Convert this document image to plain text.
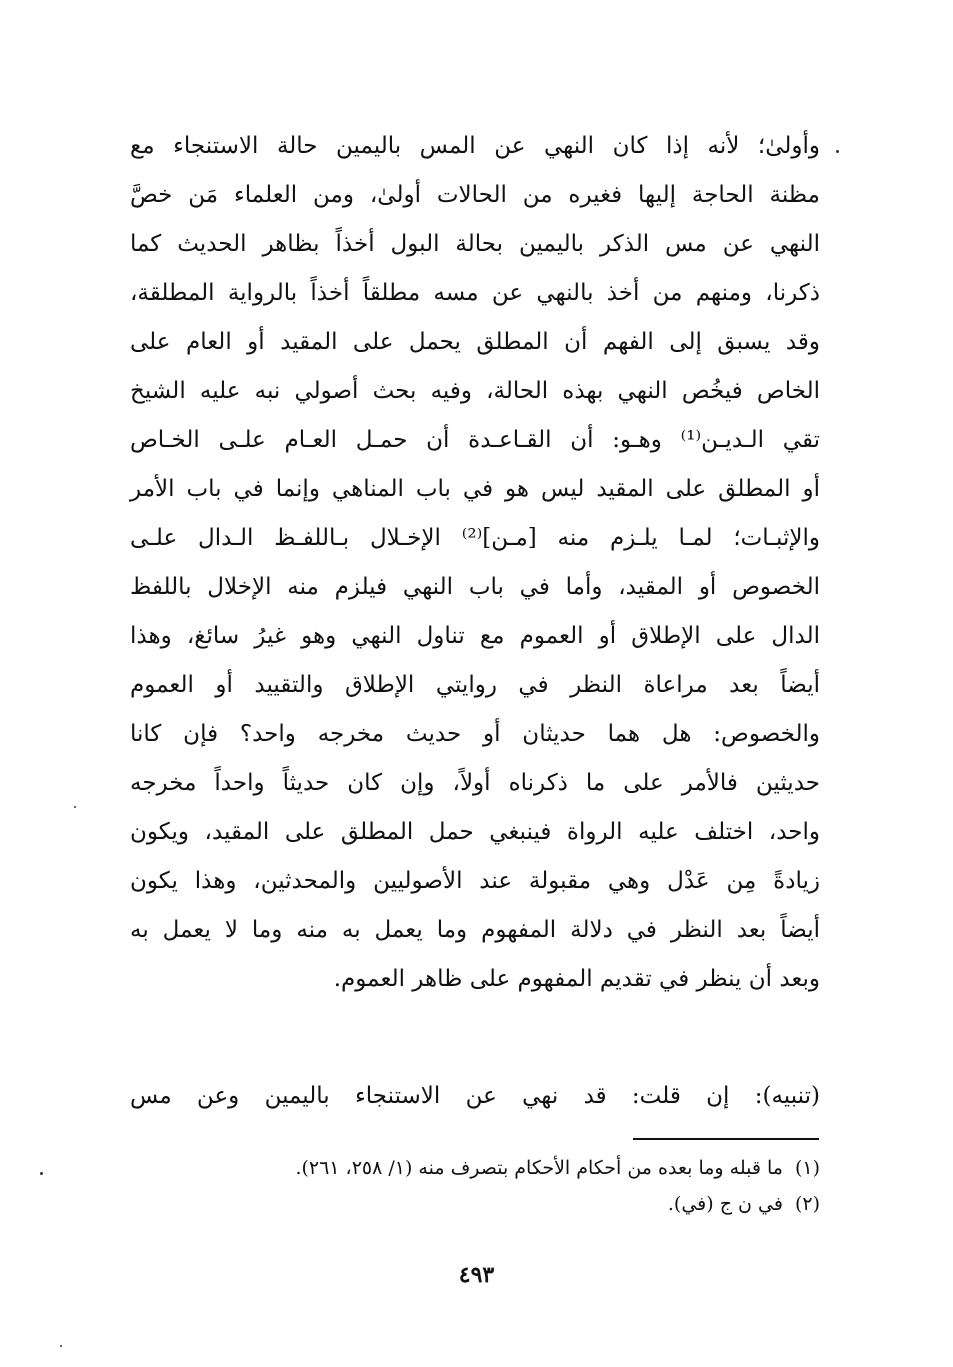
وأولىٰ؛ لأنه إذا كان النهي عن المس باليمين حالة الاستنجاء مع
مظنة الحاجة إليها فغيره من الحالات أولىٰ، ومن العلماء مَن خصَّ
النهي عن مس الذكر باليمين بحالة البول أخذاً بظاهر الحديث كما
ذكرنا، ومنهم من أخذ بالنهي عن مسه مطلقاً أخذاً بالرواية المطلقة،
وقد يسبق إلى الفهم أن المطلق يحمل على المقيد أو العام على
الخاص فيخُص النهي بهذه الحالة، وفيه بحث أصولي نبه عليه الشيخ
تقي الـديـن⁽¹⁾ وهـو: أن القـاعـدة أن حمـل العـام علـى الخـاص
أو المطلق على المقيد ليس هو في باب المناهي وإنما في باب الأمر
والإثبـات؛ لمـا يلـزم منه [مـن]⁽²⁾ الإخـلال بـاللفـظ الـدال علـى
الخصوص أو المقيد، وأما في باب النهي فيلزم منه الإخلال باللفظ
الدال على الإطلاق أو العموم مع تناول النهي وهو غيرُ سائغ، وهذا
أيضاً بعد مراعاة النظر في روايتي الإطلاق والتقييد أو العموم
والخصوص: هل هما حديثان أو حديث مخرجه واحد؟ فإن كانا
حديثين فالأمر على ما ذكرناه أولاً، وإن كان حديثاً واحداً مخرجه
واحد، اختلف عليه الرواة فينبغي حمل المطلق على المقيد، ويكون
زيادةً مِن عَدْل وهي مقبولة عند الأصوليين والمحدثين، وهذا يكون
أيضاً بعد النظر في دلالة المفهوم وما يعمل به منه وما لا يعمل به
وبعد أن ينظر في تقديم المفهوم على ظاهر العموم.
(تنبيه): إن قلت: قد نهي عن الاستنجاء باليمين وعن مس
(١)ما قبله وما بعده من أحكام الأحكام بتصرف منه (١/ ٢٥٨، ٢٦١).
(٢)في ن ج (في).
٤٩٣
